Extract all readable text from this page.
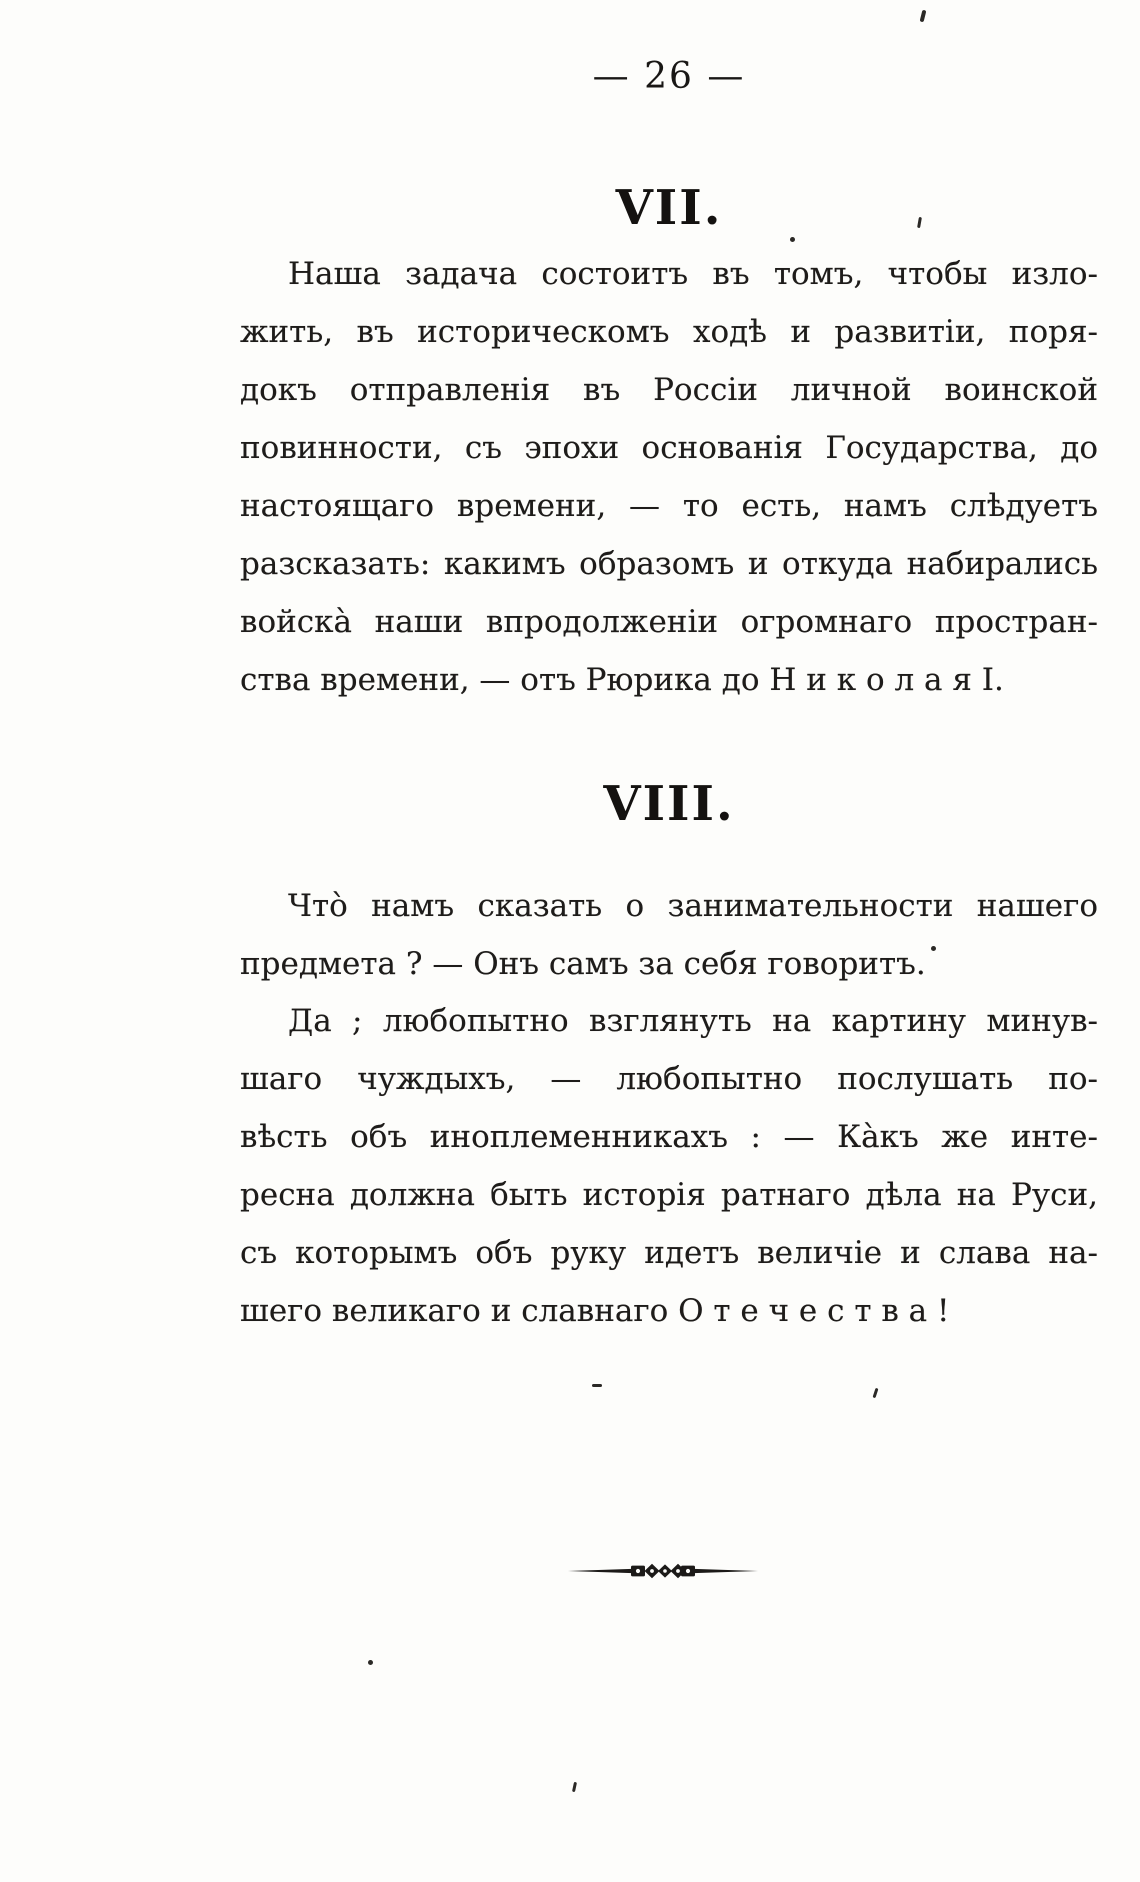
— 26 —
VII.
Наша задача состоитъ въ томъ, чтобы изло-
жить, въ историческомъ ходѣ и развитіи, поря-
докъ отправленія въ Россіи личной воинской
повинности, съ эпохи основанія Государства, до
настоящаго времени, — то есть, намъ слѣдуетъ
разсказать: какимъ образомъ и откуда набирались
войска̀ наши впродолженіи огромнаго простран-
ства времени, — отъ Рюрика до Н и к о л а я I.
VIII.
Что̀ намъ сказать о занимательности нашего
предмета ? — Онъ самъ за себя говоритъ.
Да ; любопытно взглянуть на картину минув-
шаго чуждыхъ, — любопытно послушать по-
вѣсть объ иноплеменникахъ : — Ка̀къ же инте-
ресна должна быть исторія ратнаго дѣла на Руси,
съ которымъ объ руку идетъ величіе и слава на-
шего великаго и славнаго О т е ч е с т в а !
